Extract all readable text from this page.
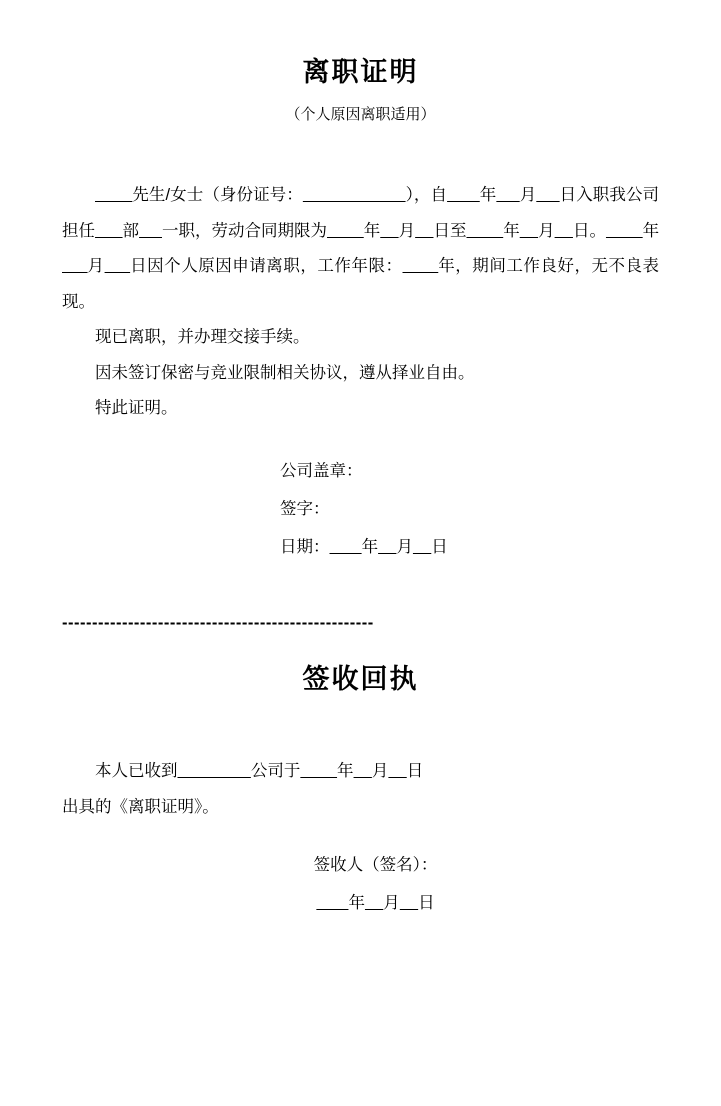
离职证明
（个人原因离职适用）

先生/女士（身份证号：	），自 年 月 日入职我公司担任 部 一职，劳动合同期限为 年 月 日至 年 月 日。 年     月 日因个人原因申请离职，工作年限： 年，期间工作良好，无不良表现。

现已离职，并办理交接手续。

因未签订保密与竞业限制相关协议，遵从择业自由。

特此证明。

公司盖章：
签字：
日期： 年 月 日
----------------------------------------------------
签收回执

本人已收到	公司于 年 月 日

出具的《离职证明》。

签收人（签名）：
年 月 日
